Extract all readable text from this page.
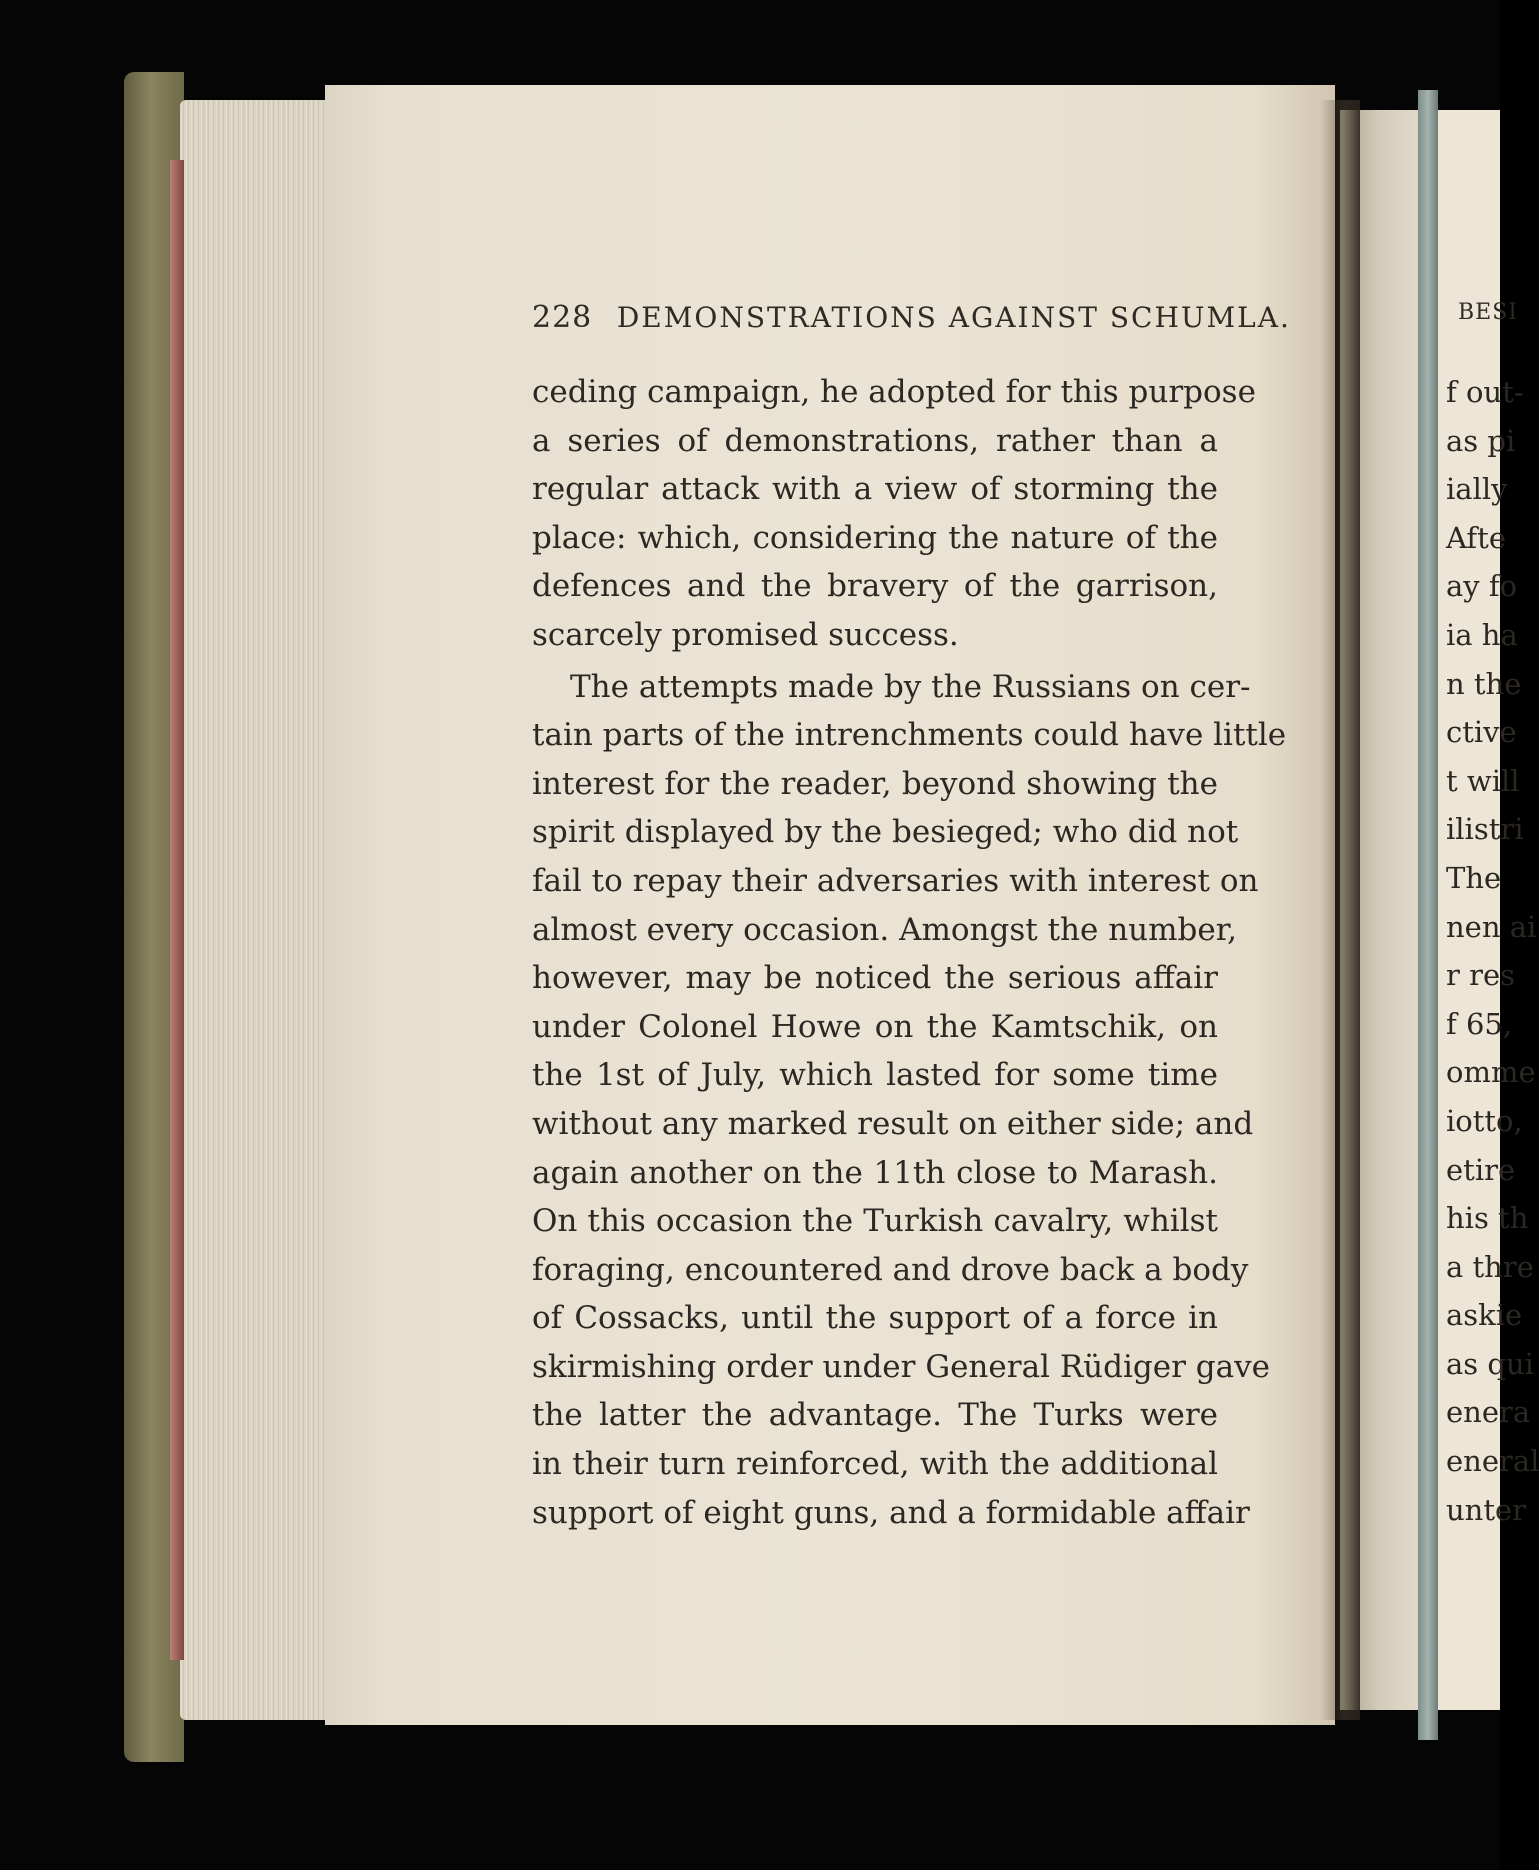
228 DEMONSTRATIONS AGAINST SCHUMLA.
ceding campaign, he adopted for this purpose
a series of demonstrations, rather than a
regular attack with a view of storming the
place: which, considering the nature of the
defences and the bravery of the garrison,
scarcely promised success.
The attempts made by the Russians on cer-
tain parts of the intrenchments could have little
interest for the reader, beyond showing the
spirit displayed by the besieged; who did not
fail to repay their adversaries with interest on
almost every occasion. Amongst the number,
however, may be noticed the serious affair
under Colonel Howe on the Kamtschik, on
the 1st of July, which lasted for some time
without any marked result on either side; and
again another on the 11th close to Marash.
On this occasion the Turkish cavalry, whilst
foraging, encountered and drove back a body
of Cossacks, until the support of a force in
skirmishing order under General Rüdiger gave
the latter the advantage. The Turks were
in their turn reinforced, with the additional
support of eight guns, and a formidable affair
BESI
f out-
as pi
ially
Afte
ay fo
ia ha
n the
ctive
t will
ilistri
The
nen ai
r res
f 65,
omme
iotto,
etire
his th
a thre
askie
as qui
enera
eneral
unter
